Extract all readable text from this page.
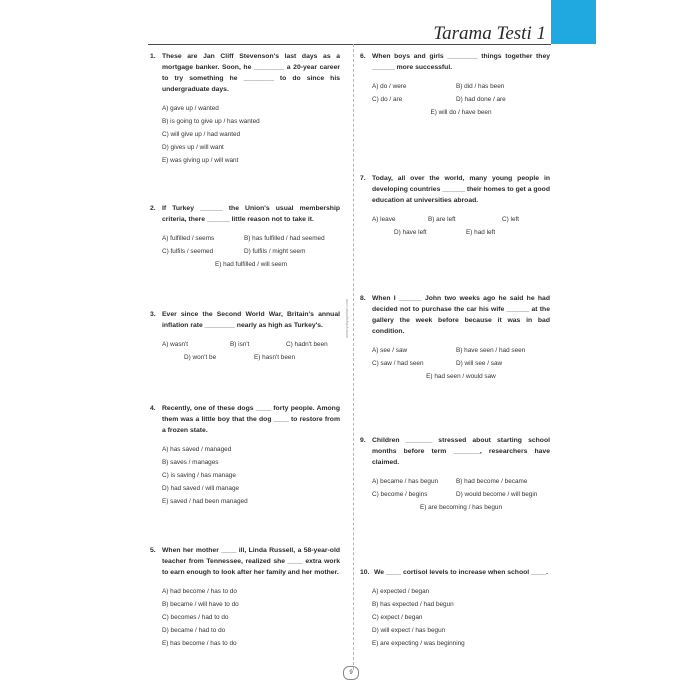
Tarama Testi 1
www.ydsyayinlari.com
1. These are Jan Cliff Stevenson's last days as a mortgage banker. Soon, he ________ a 20-year career to try something he ________ to do since his undergraduate days.
A) gave up / wanted
B) is going to give up / has wanted
C) will give up / had wanted
D) gives up / will want
E) was giving up / will want
2. If Turkey ______ the Union's usual membership criteria, there ______ little reason not to take it.
A) fulfilled / seems	B) has fulfilled / had seemed
C) fulfils / seemed	D) fulfils / might seem
E) had fulfilled / will seem
3. Ever since the Second World War, Britain's annual inflation rate ________ nearly as high as Turkey's.
A) wasn't	B) isn't	C) hadn't been
D) won't be	E) hasn't been
4. Recently, one of these dogs ____ forty people. Among them was a little boy that the dog ____ to restore from a frozen state.
A) has saved / managed
B) saves / manages
C) is saving / has manage
D) had saved / will manage
E) saved / had been managed
5. When her mother ____ ill, Linda Russell, a 58-year-old teacher from Tennessee, realized she ____ extra work to earn enough to look after her family and her mother.
A) had become / has to do
B) became / will have to do
C) becomes / had to do
D) became / had to do
E) has become / has to do
6. When boys and girls ________ things together they ______ more successful.
A) do / were	B) did / has been
C) do / are	D) had done / are
E) will do / have been
7. Today, all over the world, many young people in developing countries ______ their homes to get a good education at universities abroad.
A) leave	B) are left	C) left
D) have left	E) had left
8. When I ______ John two weeks ago he said he had decided not to purchase the car his wife ______ at the gallery the week before because it was in bad condition.
A) see / saw	B) have seen / had seen
C) saw / had seen	D) will see / saw
E) had seen / would saw
9. Children _______ stressed about starting school months before term _______, researchers have claimed.
A) became / has begun	B) had become / became
C) become / begins	D) would become / will begin
E) are becoming / has begun
10. We ____ cortisol levels to increase when school ____.
A) expected / began
B) has expected / had begun
C) expect / began
D) will expect / has begun
E) are expecting / was beginning
9
